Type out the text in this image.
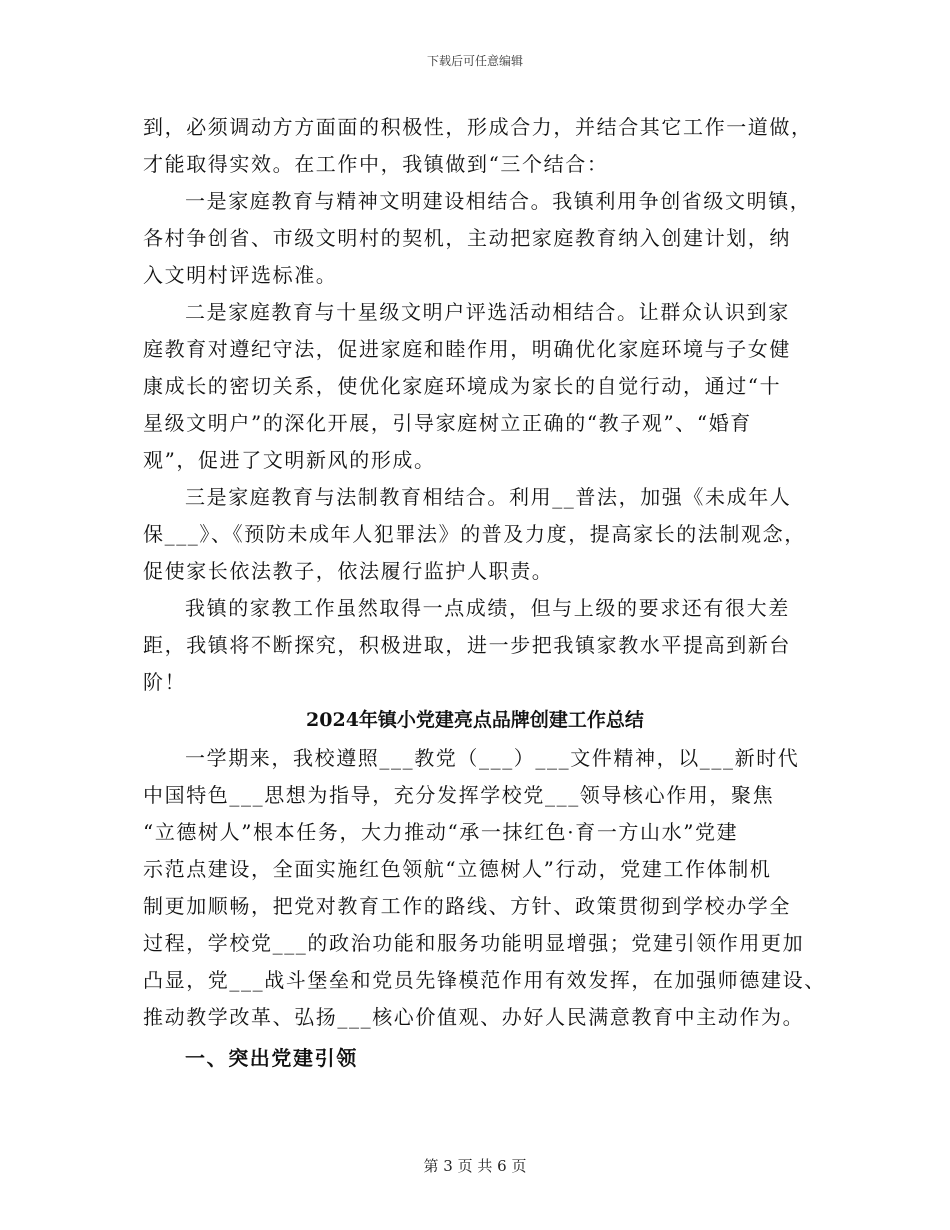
下载后可任意编辑
到，必须调动方方面面的积极性，形成合力，并结合其它工作一道做，
才能取得实效。在工作中，我镇做到“三个结合：
一是家庭教育与精神文明建设相结合。我镇利用争创省级文明镇，
各村争创省、市级文明村的契机，主动把家庭教育纳入创建计划，纳
入文明村评选标准。
二是家庭教育与十星级文明户评选活动相结合。让群众认识到家
庭教育对遵纪守法，促进家庭和睦作用，明确优化家庭环境与子女健
康成长的密切关系，使优化家庭环境成为家长的自觉行动，通过“十
星级文明户”的深化开展，引导家庭树立正确的“教子观”、“婚育
观”，促进了文明新风的形成。
三是家庭教育与法制教育相结合。利用__普法，加强《未成年人
保___》、《预防未成年人犯罪法》的普及力度，提高家长的法制观念，
促使家长依法教子，依法履行监护人职责。
我镇的家教工作虽然取得一点成绩，但与上级的要求还有很大差
距，我镇将不断探究，积极进取，进一步把我镇家教水平提高到新台
阶！
2024年镇小党建亮点品牌创建工作总结
一学期来，我校遵照___教党（___）___文件精神，以___新时代
中国特色___思想为指导，充分发挥学校党___领导核心作用，聚焦
“立德树人”根本任务，大力推动“承一抹红色·育一方山水”党建
示范点建设，全面实施红色领航“立德树人”行动，党建工作体制机
制更加顺畅，把党对教育工作的路线、方针、政策贯彻到学校办学全
过程，学校党___的政治功能和服务功能明显增强；党建引领作用更加
凸显，党___战斗堡垒和党员先锋模范作用有效发挥，在加强师德建设、
推动教学改革、弘扬___核心价值观、办好人民满意教育中主动作为。
一、突出党建引领
第 3 页 共 6 页
